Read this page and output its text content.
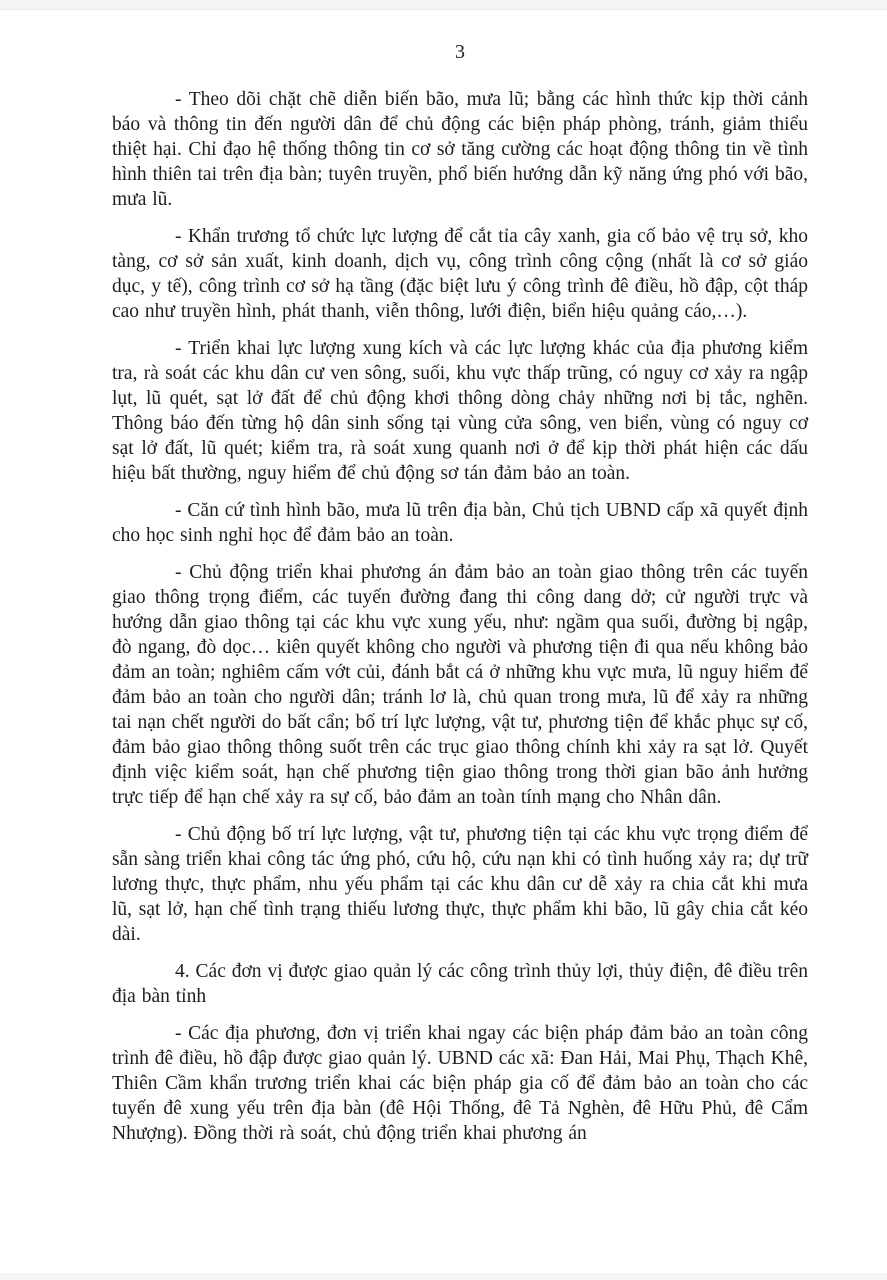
3

- Theo dõi chặt chẽ diễn biến bão, mưa lũ; bằng các hình thức kịp thời cảnh báo và thông tin đến người dân để chủ động các biện pháp phòng, tránh, giảm thiểu thiệt hại. Chỉ đạo hệ thống thông tin cơ sở tăng cường các hoạt động thông tin về tình hình thiên tai trên địa bàn; tuyên truyền, phổ biến hướng dẫn kỹ năng ứng phó với bão, mưa lũ.

- Khẩn trương tổ chức lực lượng để cắt tỉa cây xanh, gia cố bảo vệ trụ sở, kho tàng, cơ sở sản xuất, kinh doanh, dịch vụ, công trình công cộng (nhất là cơ sở giáo dục, y tế), công trình cơ sở hạ tầng (đặc biệt lưu ý công trình đê điều, hồ đập, cột tháp cao như truyền hình, phát thanh, viễn thông, lưới điện, biển hiệu quảng cáo,…).

- Triển khai lực lượng xung kích và các lực lượng khác của địa phương kiểm tra, rà soát các khu dân cư ven sông, suối, khu vực thấp trũng, có nguy cơ xảy ra ngập lụt, lũ quét, sạt lở đất để chủ động khơi thông dòng chảy những nơi bị tắc, nghẽn. Thông báo đến từng hộ dân sinh sống tại vùng cửa sông, ven biển, vùng có nguy cơ sạt lở đất, lũ quét; kiểm tra, rà soát xung quanh nơi ở để kịp thời phát hiện các dấu hiệu bất thường, nguy hiểm để chủ động sơ tán đảm bảo an toàn.

- Căn cứ tình hình bão, mưa lũ trên địa bàn, Chủ tịch UBND cấp xã quyết định cho học sinh nghỉ học để đảm bảo an toàn.

- Chủ động triển khai phương án đảm bảo an toàn giao thông trên các tuyến giao thông trọng điểm, các tuyến đường đang thi công dang dở; cử người trực và hướng dẫn giao thông tại các khu vực xung yếu, như: ngầm qua suối, đường bị ngập, đò ngang, đò dọc… kiên quyết không cho người và phương tiện đi qua nếu không bảo đảm an toàn; nghiêm cấm vớt củi, đánh bắt cá ở những khu vực mưa, lũ nguy hiểm để đảm bảo an toàn cho người dân; tránh lơ là, chủ quan trong mưa, lũ để xảy ra những tai nạn chết người do bất cẩn; bố trí lực lượng, vật tư, phương tiện để khắc phục sự cố, đảm bảo giao thông thông suốt trên các trục giao thông chính khi xảy ra sạt lở. Quyết định việc kiểm soát, hạn chế phương tiện giao thông trong thời gian bão ảnh hưởng trực tiếp để hạn chế xảy ra sự cố, bảo đảm an toàn tính mạng cho Nhân dân.

- Chủ động bố trí lực lượng, vật tư, phương tiện tại các khu vực trọng điểm để sẵn sàng triển khai công tác ứng phó, cứu hộ, cứu nạn khi có tình huống xảy ra; dự trữ lương thực, thực phẩm, nhu yếu phẩm tại các khu dân cư dễ xảy ra chia cắt khi mưa lũ, sạt lở, hạn chế tình trạng thiếu lương thực, thực phẩm khi bão, lũ gây chia cắt kéo dài.

4. Các đơn vị được giao quản lý các công trình thủy lợi, thủy điện, đê điều trên địa bàn tỉnh

- Các địa phương, đơn vị triển khai ngay các biện pháp đảm bảo an toàn công trình đê điều, hồ đập được giao quản lý. UBND các xã: Đan Hải, Mai Phụ, Thạch Khê, Thiên Cầm khẩn trương triển khai các biện pháp gia cố để đảm bảo an toàn cho các tuyến đê xung yếu trên địa bàn (đê Hội Thống, đê Tả Nghèn, đê Hữu Phủ, đê Cẩm Nhượng). Đồng thời rà soát, chủ động triển khai phương án
